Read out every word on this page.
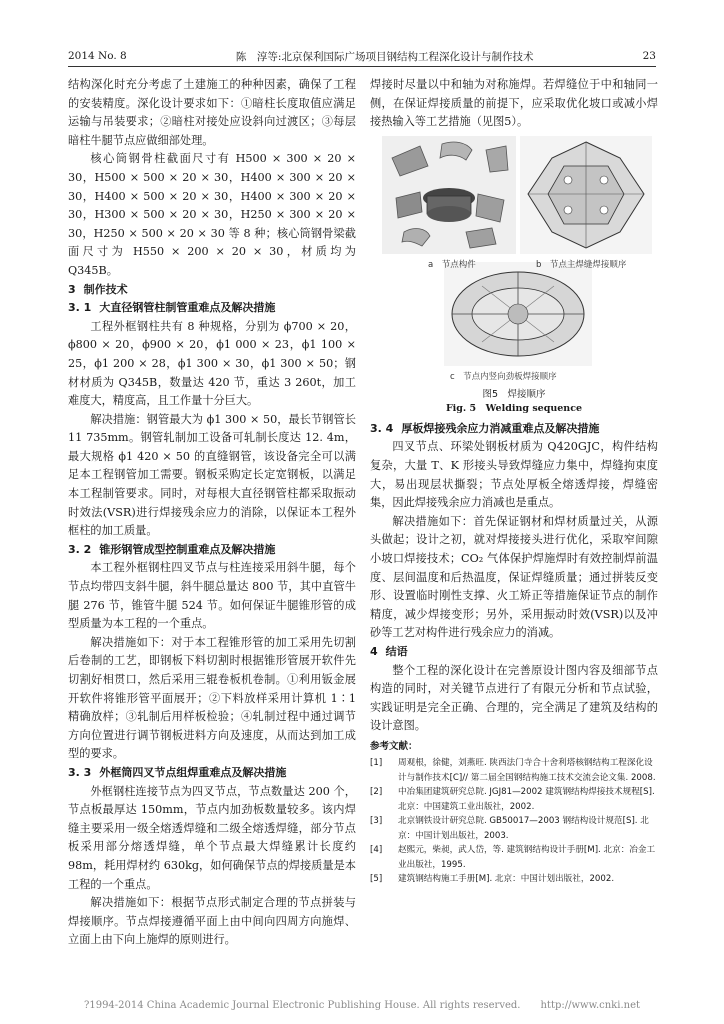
2014 No. 8	陈　淳等:北京保利国际广场项目钢结构工程深化设计与制作技术	23

结构深化时充分考虑了土建施工的种种因素，确保了工程的安装精度。深化设计要求如下：①暗柱长度取值应满足运输与吊装要求；②暗柱对接处应设斜向过渡区；③每层暗柱牛腿节点应做细部处理。

核心筒钢骨柱截面尺寸有 H500 × 300 × 20 × 30，H500 × 500 × 20 × 30，H400 × 300 × 20 × 30，H400 × 500 × 20 × 30，H400 × 300 × 20 × 30，H300 × 500 × 20 × 30，H250 × 300 × 20 × 30，H250 × 500 × 20 × 30 等 8 种；核心筒钢骨梁截面尺寸为 H550 × 200 × 20 × 30，材质均为 Q345B。

3 制作技术

3. 1 大直径钢管柱制管重难点及解决措施

工程外框钢柱共有 8 种规格，分别为 ϕ700 × 20，ϕ800 × 20，ϕ900 × 20，ϕ1 000 × 23，ϕ1 100 × 25，ϕ1 200 × 28，ϕ1 300 × 30，ϕ1 300 × 50；钢材材质为 Q345B，数量达 420 节，重达 3 260t，加工难度大，精度高，且工作量十分巨大。

解决措施：钢管最大为 ϕ1 300 × 50，最长节钢管长 11 735mm。钢管轧制加工设备可轧制长度达 12. 4m，最大规格 ϕ1 420 × 50 的直缝钢管，该设备完全可以满足本工程钢管加工需要。钢板采购定长定宽钢板，以满足本工程制管要求。同时，对每根大直径钢管柱都采取振动时效法(VSR)进行焊接残余应力的消除，以保证本工程外框柱的加工质量。

3. 2 锥形钢管成型控制重难点及解决措施

本工程外框钢柱四叉节点与柱连接采用斜牛腿，每个节点均带四支斜牛腿，斜牛腿总量达 800 节，其中直管牛腿 276 节，锥管牛腿 524 节。如何保证牛腿锥形管的成型质量为本工程的一个重点。

解决措施如下：对于本工程锥形管的加工采用先切割后卷制的工艺，即钢板下料切割时根据锥形管展开软件先切割好相贯口，然后采用三辊卷板机卷制。①利用钣金展开软件将锥形管平面展开；②下料放样采用计算机 1∶1 精确放样；③轧制后用样板检验；④轧制过程中通过调节方向位置进行调节钢板进料方向及速度，从而达到加工成型的要求。

3. 3 外框筒四叉节点组焊重难点及解决措施

外框钢柱连接节点为四叉节点，节点数量达 200 个，节点板最厚达 150mm，节点内加劲板数量较多。该内焊缝主要采用一级全熔透焊缝和二级全熔透焊缝，部分节点板采用部分熔透焊缝，单个节点最大焊缝累计长度约 98m，耗用焊材约 630kg，如何确保节点的焊接质量是本工程的一个重点。

解决措施如下：根据节点形式制定合理的节点拼装与焊接顺序。节点焊接遵循平面上由中间向四周方向施焊、立面上由下向上施焊的原则进行。

焊接时尽量以中和轴为对称施焊。若焊缝位于中和轴同一侧，在保证焊接质量的前提下，应采取优化坡口或减小焊接热输入等工艺措施（见图5）。

a　节点构件	b　节点主焊缝焊接顺序
c　节点内竖向劲板焊接顺序
图5　焊接顺序
Fig. 5　Welding sequence

3. 4 厚板焊接残余应力消减重难点及解决措施

四叉节点、环梁处钢板材质为 Q420GJC，构件结构复杂，大量 T、K 形接头导致焊缝应力集中，焊缝拘束度大，易出现层状撕裂；节点处厚板全熔透焊接，焊缝密集，因此焊接残余应力消减也是重点。

解决措施如下：首先保证钢材和焊材质量过关，从源头做起；设计之初，就对焊接接头进行优化，采取窄间隙小坡口焊接技术；CO₂ 气体保护焊施焊时有效控制焊前温度、层间温度和后热温度，保证焊缝质量；通过拼装反变形、设置临时刚性支撑、火工矫正等措施保证节点的制作精度，减少焊接变形；另外，采用振动时效(VSR)以及冲砂等工艺对构件进行残余应力的消减。

4 结语

整个工程的深化设计在完善原设计图内容及细部节点构造的同时，对关键节点进行了有限元分析和节点试验，实践证明是完全正确、合理的，完全满足了建筑及结构的设计意图。

参考文献：

[1]	周观根，徐健，刘燕旺. 陕西法门寺合十舍利塔核钢结构工程深化设计与制作技术[C]// 第二届全国钢结构施工技术交流会论文集. 2008.
[2]	中冶集团建筑研究总院. JGJ81—2002 建筑钢结构焊接技术规程[S]. 北京：中国建筑工业出版社，2002.
[3]	北京钢铁设计研究总院. GB50017—2003 钢结构设计规范[S]. 北京：中国计划出版社，2003.
[4]	赵熙元，柴昶，武人岱，等. 建筑钢结构设计手册[M]. 北京：冶金工业出版社，1995.
[5]	建筑钢结构施工手册[M]. 北京：中国计划出版社，2002.
?1994-2014 China Academic Journal Electronic Publishing House. All rights reserved.　　http://www.cnki.net
